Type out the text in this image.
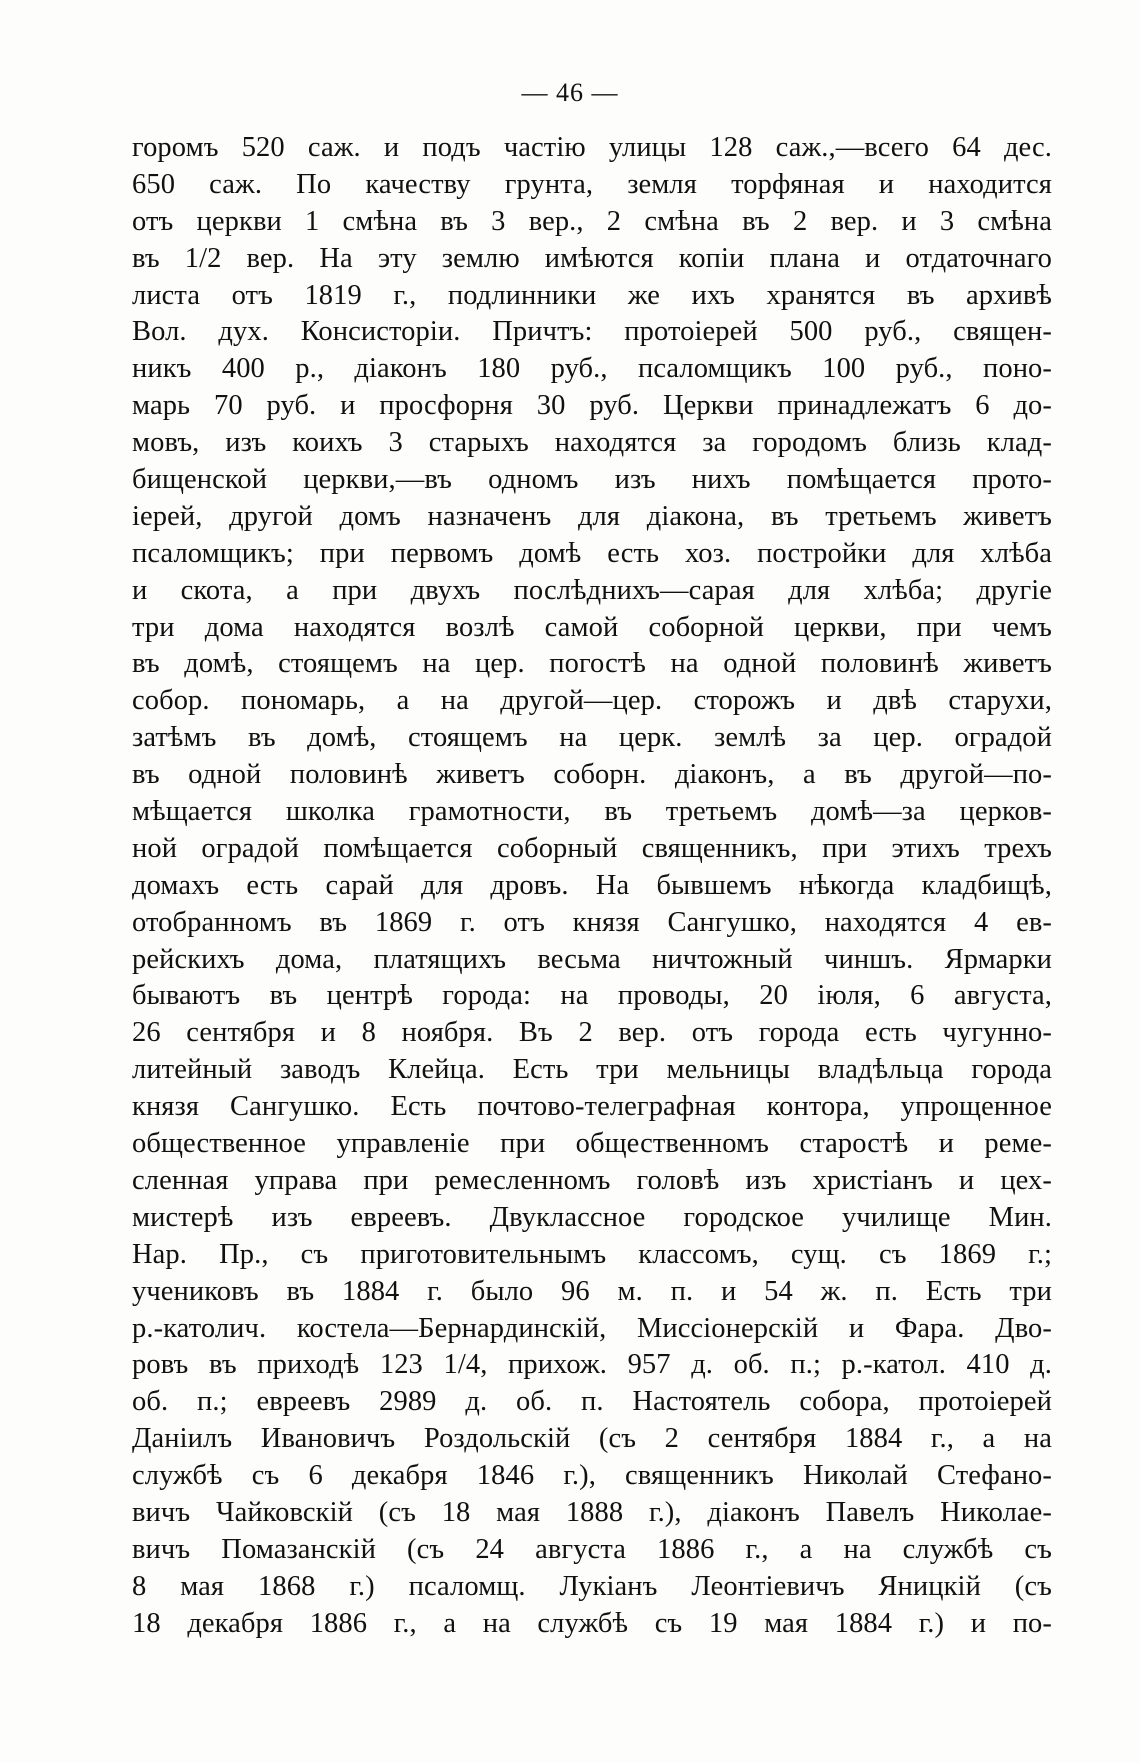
— 46 —
горомъ 520 саж. и подъ частію улицы 128 саж.,—всего 64 дес.
650 саж. По качеству грунта, земля торфяная и находится
отъ церкви 1 смѣна въ 3 вер., 2 смѣна въ 2 вер. и 3 смѣна
въ 1/2 вер. На эту землю имѣются копіи плана и отдаточнаго
листа отъ 1819 г., подлинники же ихъ хранятся въ архивѣ
Вол. дух. Консисторіи. Причтъ: протоіерей 500 руб., священ-
никъ 400 р., діаконъ 180 руб., псаломщикъ 100 руб., поно-
марь 70 руб. и просфорня 30 руб. Церкви принадлежатъ 6 до-
мовъ, изъ коихъ 3 старыхъ находятся за городомъ близь клад-
бищенской церкви,—въ одномъ изъ нихъ помѣщается прото-
іерей, другой домъ назначенъ для діакона, въ третьемъ живетъ
псаломщикъ; при первомъ домѣ есть хоз. постройки для хлѣба
и скота, а при двухъ послѣднихъ—сарая для хлѣба; другіе
три дома находятся возлѣ самой соборной церкви, при чемъ
въ домѣ, стоящемъ на цер. погостѣ на одной половинѣ живетъ
собор. пономарь, а на другой—цер. сторожъ и двѣ старухи,
затѣмъ въ домѣ, стоящемъ на церк. землѣ за цер. оградой
въ одной половинѣ живетъ соборн. діаконъ, а въ другой—по-
мѣщается школка грамотности, въ третьемъ домѣ—за церков-
ной оградой помѣщается соборный священникъ, при этихъ трехъ
домахъ есть сарай для дровъ. На бывшемъ нѣкогда кладбищѣ,
отобранномъ въ 1869 г. отъ князя Сангушко, находятся 4 ев-
рейскихъ дома, платящихъ весьма ничтожный чиншъ. Ярмарки
бываютъ въ центрѣ города: на проводы, 20 іюля, 6 августа,
26 сентября и 8 ноября. Въ 2 вер. отъ города есть чугунно-
литейный заводъ Клейца. Есть три мельницы владѣльца города
князя Сангушко. Есть почтово-телеграфная контора, упрощенное
общественное управленіе при общественномъ старостѣ и реме-
сленная управа при ремесленномъ головѣ изъ христіанъ и цех-
мистерѣ изъ евреевъ. Двуклассное городское училище Мин.
Нар. Пр., съ приготовительнымъ классомъ, сущ. съ 1869 г.;
учениковъ въ 1884 г. было 96 м. п. и 54 ж. п. Есть три
р.-католич. костела—Бернардинскій, Миссіонерскій и Фара. Дво-
ровъ въ приходѣ 123 1/4, прихож. 957 д. об. п.; р.-катол. 410 д.
об. п.; евреевъ 2989 д. об. п. Настоятель собора, протоіерей
Даніилъ Ивановичъ Роздольскій (съ 2 сентября 1884 г., а на
службѣ съ 6 декабря 1846 г.), священникъ Николай Стефано-
вичъ Чайковскій (съ 18 мая 1888 г.), діаконъ Павелъ Николае-
вичъ Помазанскій (съ 24 августа 1886 г., а на службѣ съ
8 мая 1868 г.) псаломщ. Лукіанъ Леонтіевичъ Яницкій (съ
18 декабря 1886 г., а на службѣ съ 19 мая 1884 г.) и по-
